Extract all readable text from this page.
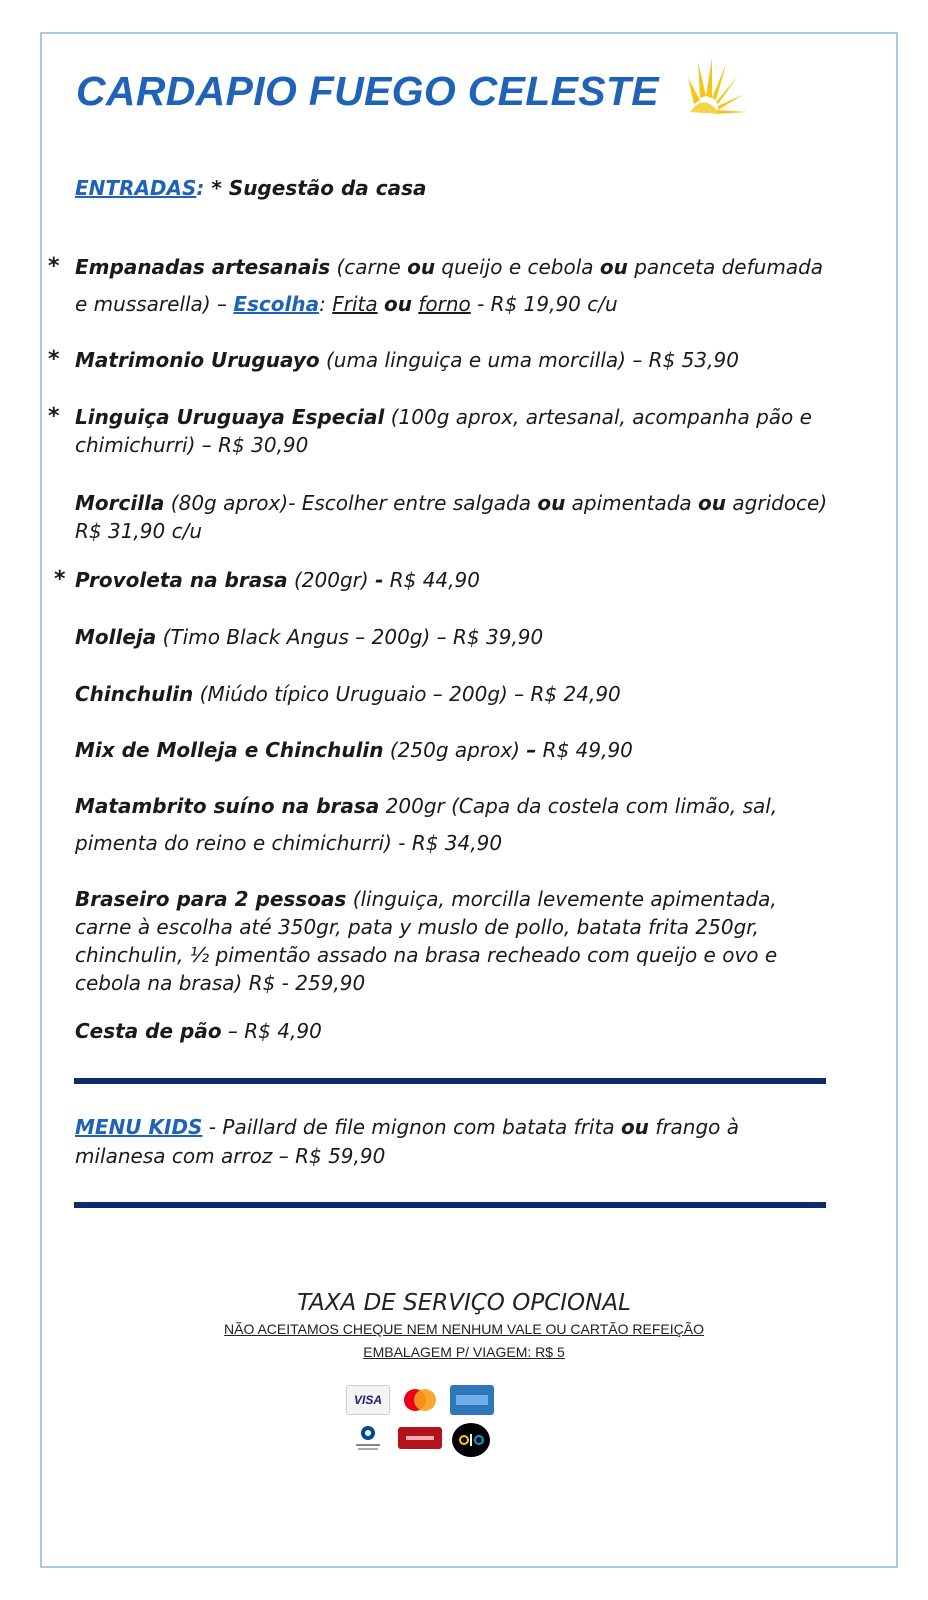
CARDAPIO FUEGO CELESTE
ENTRADAS: * Sugestão da casa
* Empanadas artesanais (carne ou queijo e cebola ou panceta defumada
e mussarella) – Escolha: Frita ou forno - R$ 19,90 c/u
* Matrimonio Uruguayo (uma linguiça e uma morcilla) – R$ 53,90
* Linguiça Uruguaya Especial (100g aprox, artesanal, acompanha pão e
chimichurri) – R$ 30,90
Morcilla (80g aprox)- Escolher entre salgada ou apimentada ou agridoce)
R$ 31,90 c/u
* Provoleta na brasa (200gr) - R$ 44,90
Molleja (Timo Black Angus – 200g) – R$ 39,90
Chinchulin (Miúdo típico Uruguaio – 200g) – R$ 24,90
Mix de Molleja e Chinchulin (250g aprox) – R$ 49,90
Matambrito suíno na brasa 200gr (Capa da costela com limão, sal,
pimenta do reino e chimichurri) - R$ 34,90
Braseiro para 2 pessoas (linguiça, morcilla levemente apimentada,
carne à escolha até 350gr, pata y muslo de pollo, batata frita 250gr,
chinchulin, ½ pimentão assado na brasa recheado com queijo e ovo e
cebola na brasa) R$ - 259,90
Cesta de pão – R$ 4,90
MENU KIDS - Paillard de file mignon com batata frita ou frango à
milanesa com arroz – R$ 59,90
TAXA DE SERVIÇO OPCIONAL
NÃO ACEITAMOS CHEQUE NEM NENHUM VALE OU CARTÃO REFEIÇÃO
EMBALAGEM P/ VIAGEM: R$ 5
VISA
